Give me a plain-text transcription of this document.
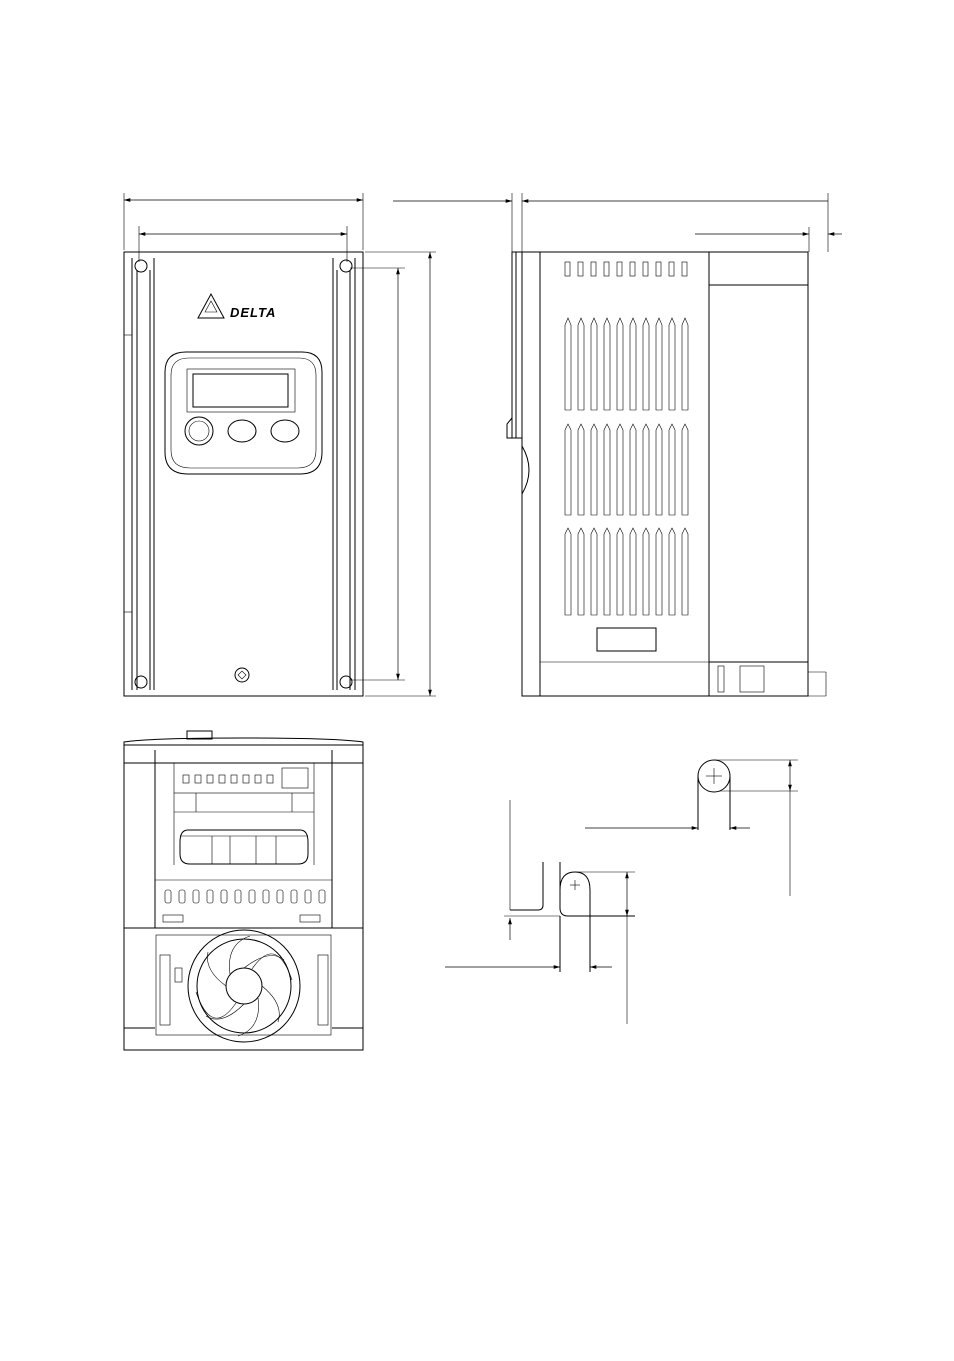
DELTA
